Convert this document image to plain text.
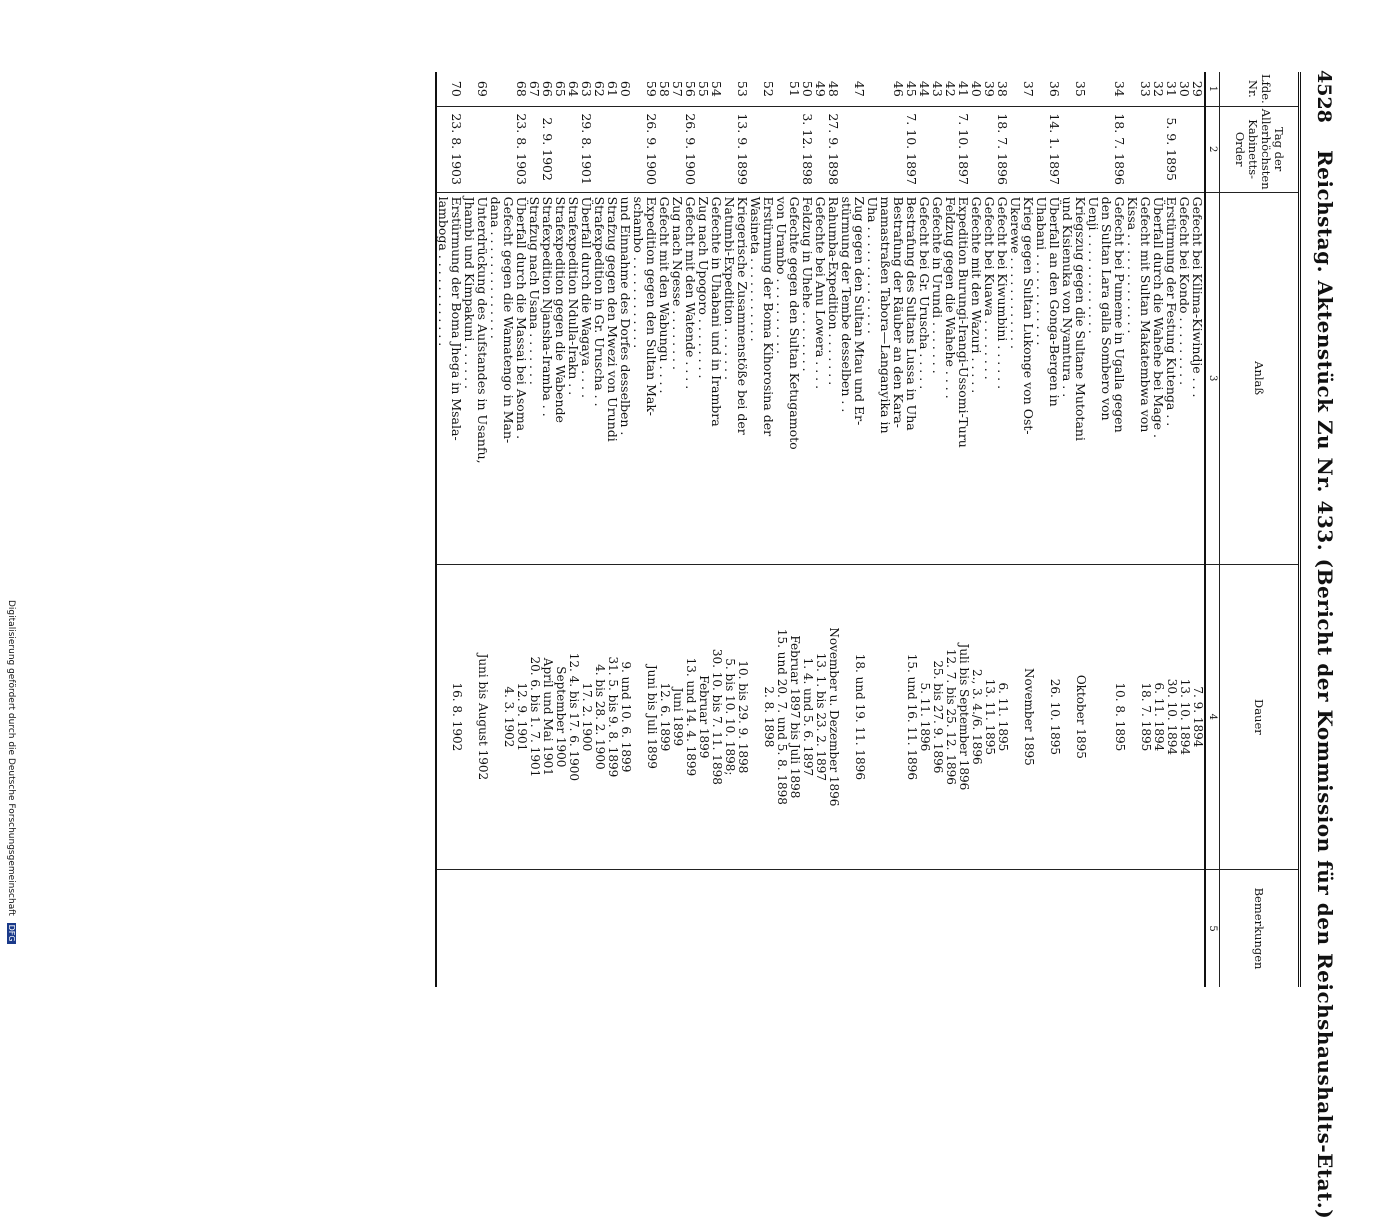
4528
Reichstag. Aktenstück Zu Nr. 433. (Bericht der Kommission für den Reichshaushalts-Etat.)
Lfde. Nr.	Tag der Allerhöchsten Kabinetts-Order	Anlaß	Dauer	Bemerkungen
1	2	3	4	5
29		Gefecht bei Kilima-Kiwindje . . .	7. 9. 1894	
30		Gefecht bei Kondo . . . . . . . . .	13. 10. 1894	
31	5. 9. 1895	Erstürmung der Festung Kutenga . .	30. 10. 1894	
32		Überfall durch die Wahehe bei Mage .	6. 11. 1894	
33		Gefecht mit Sultan Makatembwa von	18. 7. 1895	
		Kissa . . . . . . . . . . . . .		
34	18. 7. 1896	Gefecht bei Pumeme in Ugalla gegen	10. 8. 1895	
		den Sultan Lara galla Sombero von		
		Uenji . . . . . . . . . . . . .		
35		Kriegszug gegen die Sultane Mutotani	Oktober 1895	
		und Kisienuka von Nyamtura . .		
36	14. 1. 1897	Überfall an den Gonga-Bergen in	26. 10. 1895	
		Uhabani . . . . . . . . . . . .		
37		Krieg gegen Sultan Lukonge von Ost-	November 1895	
		Ukerewe . . . . . . . . . . . .		
38	18. 7. 1896	Gefecht bei Kiwumbini . . . . . .	6. 11. 1895	
39		Gefecht bei Kuawa . . . . . . . .	13. 11. 1895	
40		Gefechte mit den Wazuri . . . . .	2., 3. 4./6. 1896	
41	7. 10. 1897	Expedition Burungi-Irangi-Ussomi-Turu	Juli bis September 1896	
42		Feldzug gegen die Wahehe . . . .	12. 7. bis 25. 12. 1896	
43		Gefechte in Urundi . . . . . . .	25. bis 27. 9. 1896	
44		Gefecht bei Gr. Uruscha . . . . .	5. 11. 1896	
45	7. 10. 1897	Bestrafung des Sultans Lussa in Uha	15. und 16. 11. 1896	
46		Bestrafung der Räuber an den Kara-		
		mamastraßen Tabora—Langanyika in		
		Uha . . . . . . . . . . . . . .		
47		Zug gegen den Sultan Mtau und Er-	18. und 19. 11. 1896	
		stürmung der Tembe desselben . .		
48	27. 9. 1898	Rahumba-Expedition . . . . . . .	November u. Dezember 1896	
49		Gefechte bei Anu Lowera . . . .	13. 1. bis 23. 2. 1897	
50	3. 12. 1898	Feldzug in Uhehe . . . . . . . .	1. 4. und 5. 6. 1897	
51		Gefechte gegen den Sultan Ketugamoto	Februar 1897 bis Juli 1898	
		von Urambo . . . . . . . . . .	15. und 20. 7. und 5. 8. 1898	
52		Erstürmung der Boma Kihorosina der	2. 8. 1898	
		Wasineta . . . . . . . . . . .		
53	13. 9. 1899	Kriegerische Zusammenstöße bei der	10. bis 29. 9. 1898	
		Natumbi-Expedition . . . . . . .	5. bis 10. 10. 1898;	
54		Gefechte in Uhabani und in Irambra	30. 10. bis 7. 11. 1898	
55		Zug nach Upogoro . . . . . . . .	Februar 1899	
56	26. 9. 1900	Gefecht mit den Watende . . . .	13. und 14. 4. 1899	
57		Zug nach Ngesse . . . . . . . .	Juni 1899	
58		Gefecht mit den Wabungu . . . .	12. 6. 1899	
59	26. 9. 1900	Expedition gegen den Sultan Mak-	Juni bis Juli 1899	
		schambo . . . . . . . . . . . .		
60		und Einnahme des Dorfes desselben .	9. und 10. 6. 1899	
61		Strafzug gegen den Mwezi von Urundi	31. 5. bis 9. 8. 1899	
62		Strafexpedition in Gr. Uruscha . .	4. bis 28. 2. 1900	
63	29. 8. 1901	Überfall durch die Wagaya . . . .	17. 2. 1900	
64		Strafexpedition Ndulla-Irakn . .	12. 4. bis 17. 6. 1900	
65		Strafexpedition gegen die Wabende	September 1900	
66	2. 9. 1902	Strafexpedition Njansha-Iramba . .	April und Mai 1901	
67		Strafzug nach Usana . . . . . . .	20. 6. bis 1. 7. 1901	
68	23. 8. 1903	Überfall durch die Massai bei Asoma .	12. 9. 1901	
		Gefecht gegen die Wamatengo in Man-	4. 3. 1902	
		dana . . . . . . . . . . . . . .		
69		Unterdrückung des Aufstandes in Usanfu,	Juni bis August 1902	
		Jhambi und Kimpakuni . . . . . .		
70	23. 8. 1903	Erstürmung der Boma Jhega in Msala-	16. 8. 1902	
		lamboga . . . . . . . . . . . .		
Digitalisierung gefördert durch die Deutsche Forschungsgemeinschaft DFG
